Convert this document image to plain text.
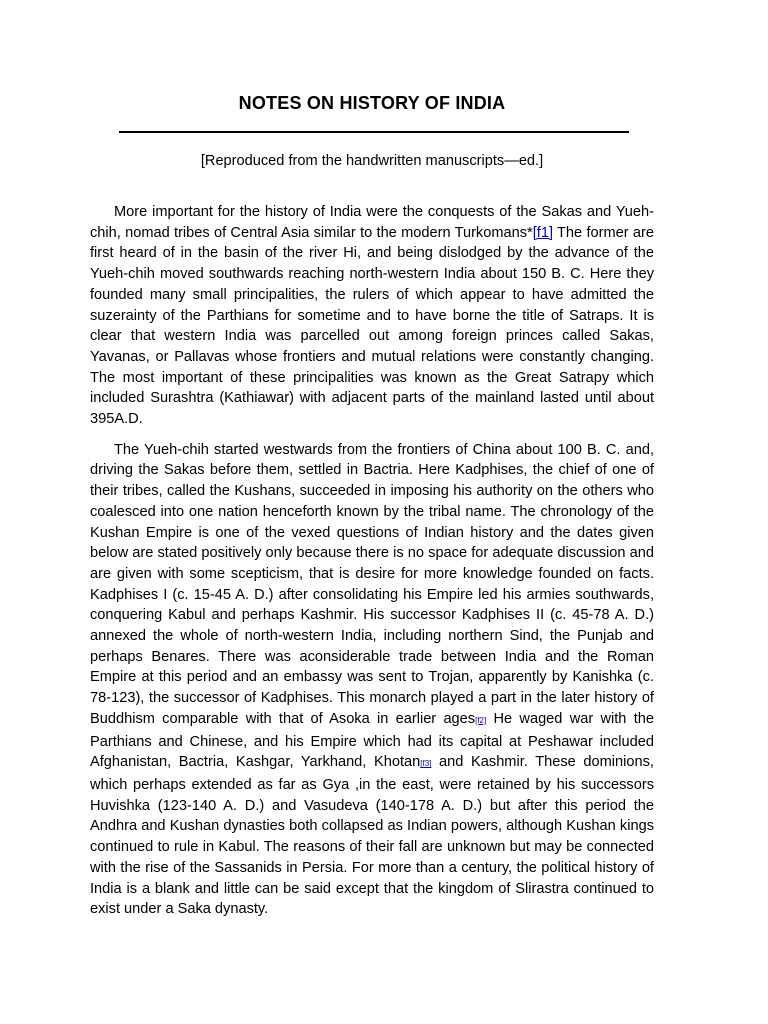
NOTES ON HISTORY OF INDIA
[Reproduced from the handwritten manuscripts—ed.]

More important for the history of India were the conquests of the Sakas and Yueh-chih, nomad tribes of Central Asia similar to the modern Turkomans*[f1] The former are first heard of in the basin of the river Hi, and being dislodged by the advance of the Yueh-chih moved southwards reaching north-western India about 150 B. C. Here they founded many small principalities, the rulers of which appear to have admitted the suzerainty of the Parthians for sometime and to have borne the title of Satraps. It is clear that western India was parcelled out among foreign princes called Sakas, Yavanas, or Pallavas whose frontiers and mutual relations were constantly changing. The most important of these principalities was known as the Great Satrapy which included Surashtra (Kathiawar) with adjacent parts of the mainland lasted until about 395A.D.

The Yueh-chih started westwards from the frontiers of China about 100 B. C. and, driving the Sakas before them, settled in Bactria. Here Kadphises, the chief of one of their tribes, called the Kushans, succeeded in imposing his authority on the others who coalesced into one nation henceforth known by the tribal name. The chronology of the Kushan Empire is one of the vexed questions of Indian history and the dates given below are stated positively only because there is no space for adequate discussion and are given with some scepticism, that is desire for more knowledge founded on facts. Kadphises I (c. 15-45 A. D.) after consolidating his Empire led his armies southwards, conquering Kabul and perhaps Kashmir. His successor Kadphises II (c. 45-78 A. D.) annexed the whole of north-western India, including northern Sind, the Punjab and perhaps Benares. There was aconsiderable trade between India and the Roman Empire at this period and an embassy was sent to Trojan, apparently by Kanishka (c. 78-123), the successor of Kadphises. This monarch played a part in the later history of Buddhism comparable with that of Asoka in earlier ages[f2] He waged war with the Parthians and Chinese, and his Empire which had its capital at Peshawar included Afghanistan, Bactria, Kashgar, Yarkhand, Khotan[f3] and Kashmir. These dominions, which perhaps extended as far as Gya ,in the east, were retained by his successors Huvishka (123-140 A. D.) and Vasudeva (140-178 A. D.) but after this period the Andhra and Kushan dynasties both collapsed as Indian powers, although Kushan kings continued to rule in Kabul. The reasons of their fall are unknown but may be connected with the rise of the Sassanids in Persia. For more than a century, the political history of India is a blank and little can be said except that the kingdom of Slirastra continued to exist under a Saka dynasty.
